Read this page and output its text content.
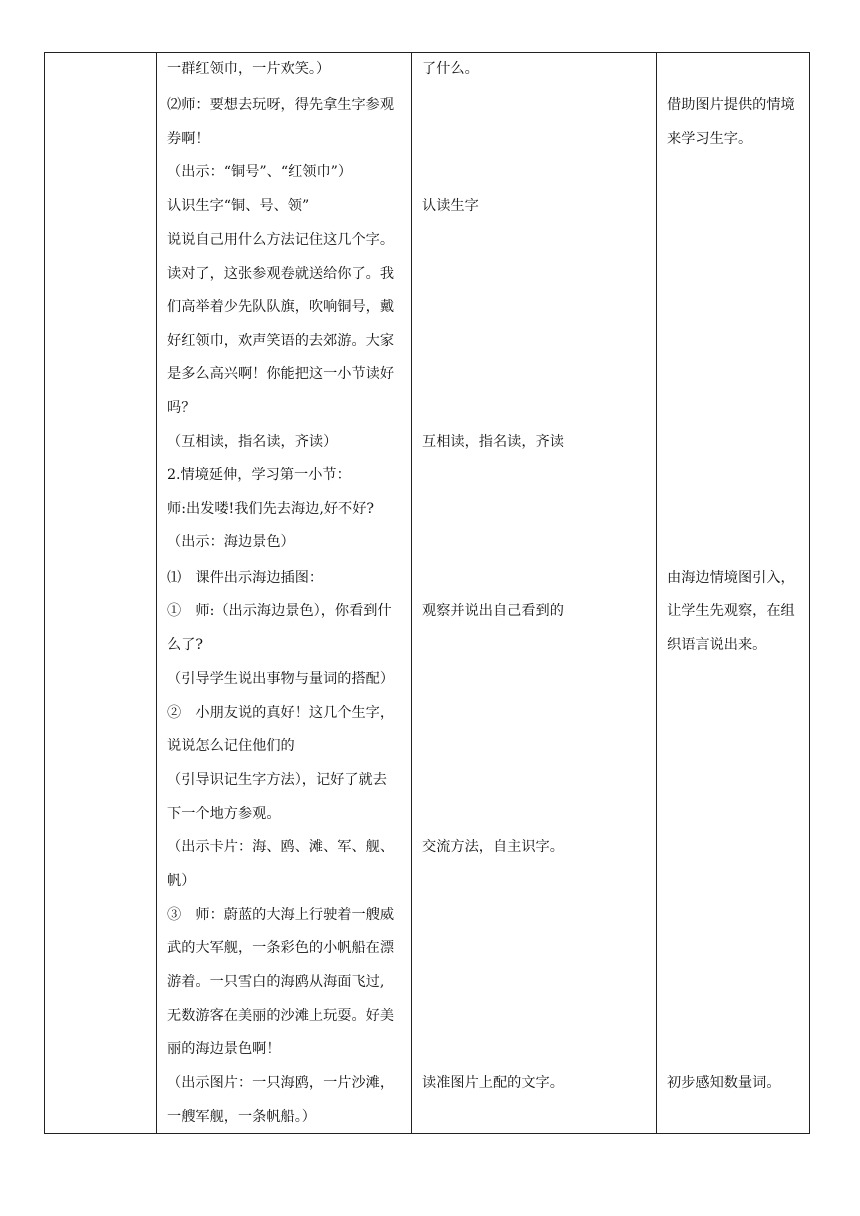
一群红领巾，一片欢笑。）
⑵师：要想去玩呀，得先拿生字参观
券啊！
（出示：“铜号”、“红领巾”）
认识生字“铜、号、领”
说说自己用什么方法记住这几个字。
读对了，这张参观卷就送给你了。我
们高举着少先队队旗，吹响铜号，戴
好红领巾，欢声笑语的去郊游。大家
是多么高兴啊！你能把这一小节读好
吗？
（互相读，指名读，齐读）
2.情境延伸，学习第一小节：
师:出发喽!我们先去海边,好不好?
（出示：海边景色）
⑴　课件出示海边插图：
①　师:（出示海边景色），你看到什
么了?
（引导学生说出事物与量词的搭配）
②　小朋友说的真好！这几个生字，
说说怎么记住他们的
（引导识记生字方法），记好了就去
下一个地方参观。
（出示卡片：海、鸥、滩、军、舰、
帆）
③　师：蔚蓝的大海上行驶着一艘威
武的大军舰，一条彩色的小帆船在漂
游着。一只雪白的海鸥从海面飞过,
无数游客在美丽的沙滩上玩耍。好美
丽的海边景色啊！
（出示图片：一只海鸥，一片沙滩，
一艘军舰，一条帆船。）
了什么。
认读生字
互相读，指名读，齐读
观察并说出自己看到的
交流方法，自主识字。
读准图片上配的文字。
借助图片提供的情境
来学习生字。
由海边情境图引入，
让学生先观察，在组
织语言说出来。
初步感知数量词。
